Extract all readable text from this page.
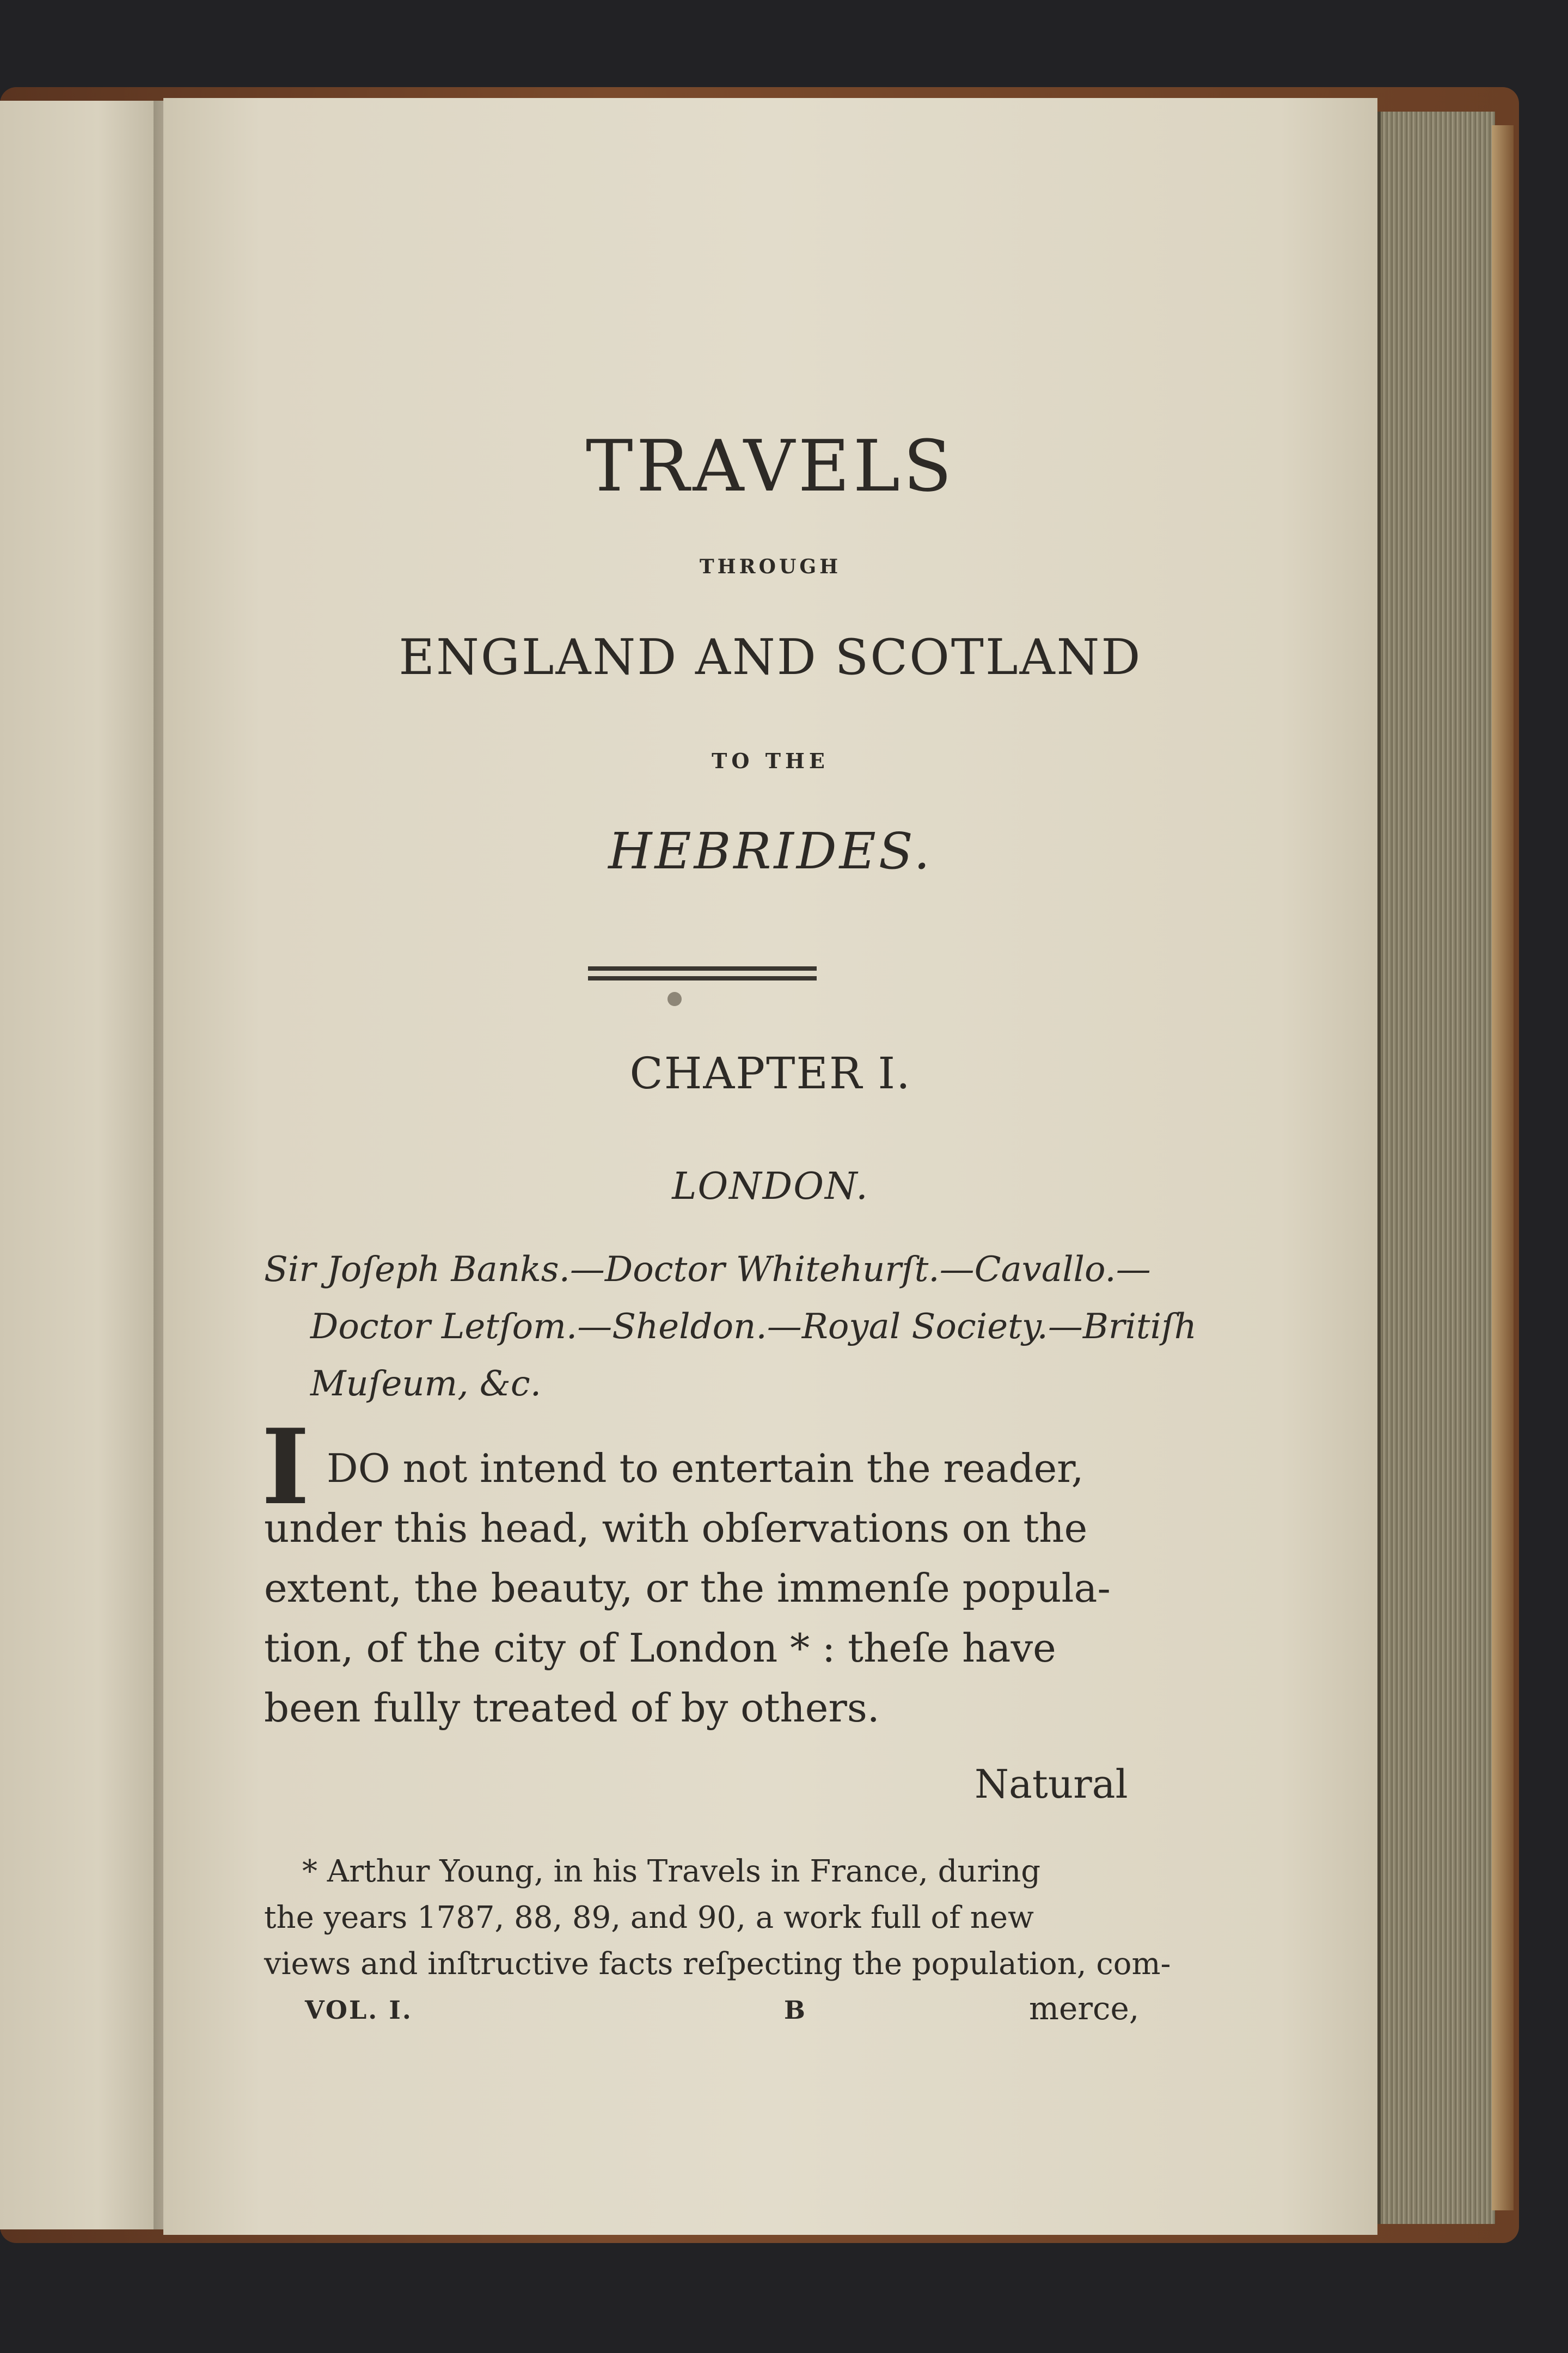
TRAVELS
THROUGH
ENGLAND AND SCOTLAND
TO THE
HEBRIDES.
CHAPTER I.
LONDON.
Sir Joſeph Banks.—Doctor Whitehurſt.—Cavallo.—
Doctor Letſom.—Sheldon.—Royal Society.—Britiſh
Muſeum, &c.
I DO not intend to entertain the reader,
under this head, with obſervations on the
extent, the beauty, or the immenſe popula-
tion, of the city of London * : theſe have
been fully treated of by others.
Natural
* Arthur Young, in his Travels in France, during
the years 1787, 88, 89, and 90, a work full of new
views and inſtructive facts reſpecting the population, com-
VOL. I.	B	merce,
